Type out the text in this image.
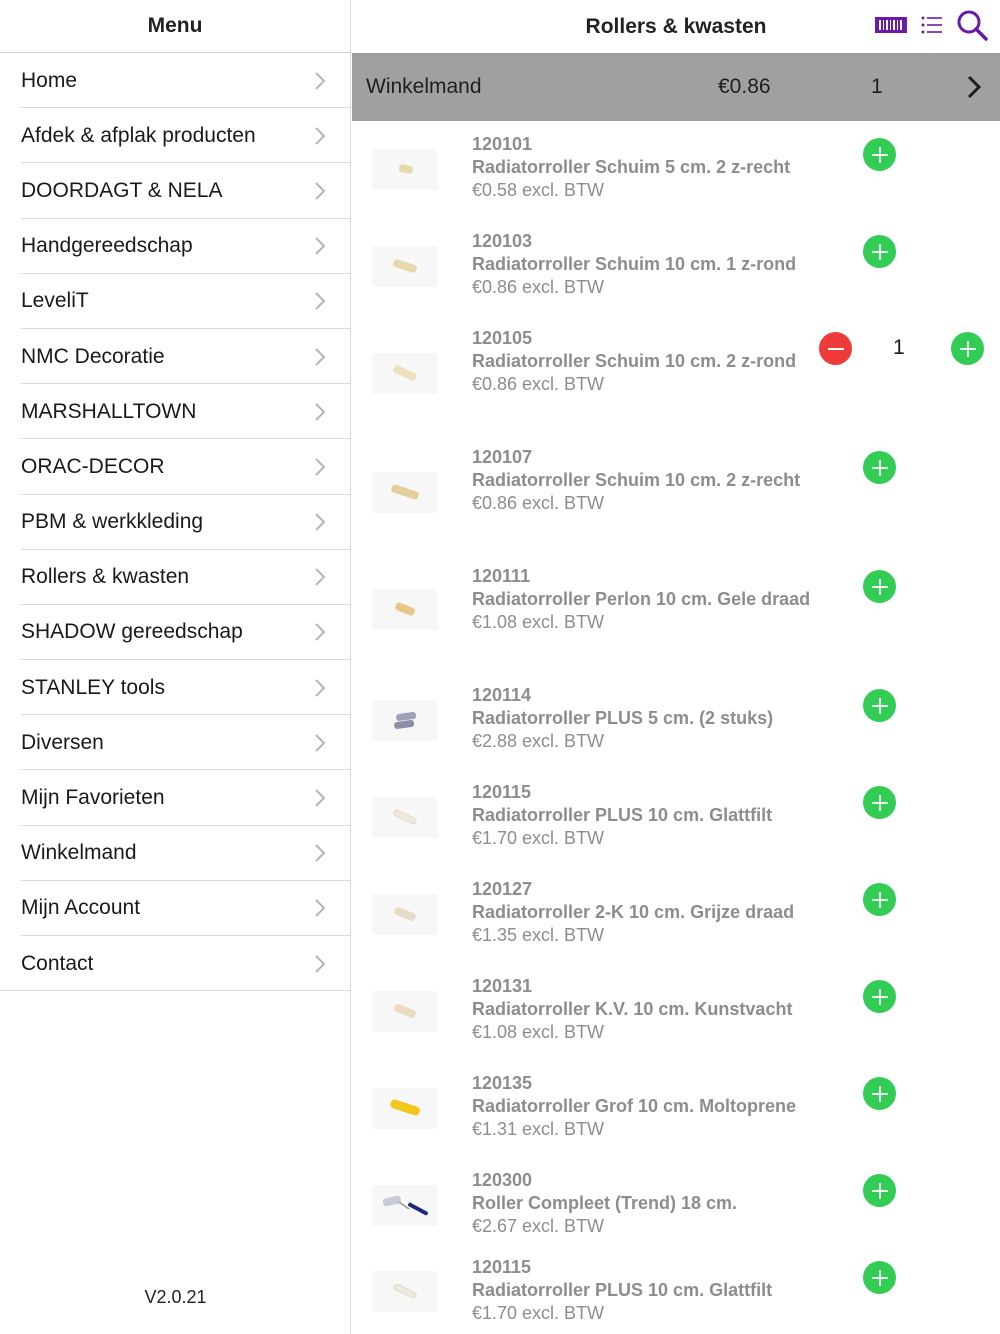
Menu
Home
Afdek & afplak producten
DOORDAGT & NELA
Handgereedschap
LeveliT
NMC Decoratie
MARSHALLTOWN
ORAC-DECOR
PBM & werkkleding
Rollers & kwasten
SHADOW gereedschap
STANLEY tools
Diversen
Mijn Favorieten
Winkelmand
Mijn Account
Contact
V2.0.21
Rollers & kwasten
Winkelmand	€0.86	1
120101
Radiatorroller Schuim 5 cm. 2 z-recht
€0.58 excl. BTW
120103
Radiatorroller Schuim 10 cm. 1 z-rond
€0.86 excl. BTW
120105
Radiatorroller Schuim 10 cm. 2 z-rond
€0.86 excl. BTW
1
120107
Radiatorroller Schuim 10 cm. 2 z-recht
€0.86 excl. BTW
120111
Radiatorroller Perlon 10 cm. Gele draad
€1.08 excl. BTW
120114
Radiatorroller PLUS 5 cm. (2 stuks)
€2.88 excl. BTW
120115
Radiatorroller PLUS 10 cm. Glattfilt
€1.70 excl. BTW
120127
Radiatorroller 2-K 10 cm. Grijze draad
€1.35 excl. BTW
120131
Radiatorroller K.V. 10 cm. Kunstvacht
€1.08 excl. BTW
120135
Radiatorroller Grof 10 cm. Moltoprene
€1.31 excl. BTW
120300
Roller Compleet (Trend) 18 cm.
€2.67 excl. BTW
120115
Radiatorroller PLUS 10 cm. Glattfilt
€1.70 excl. BTW
